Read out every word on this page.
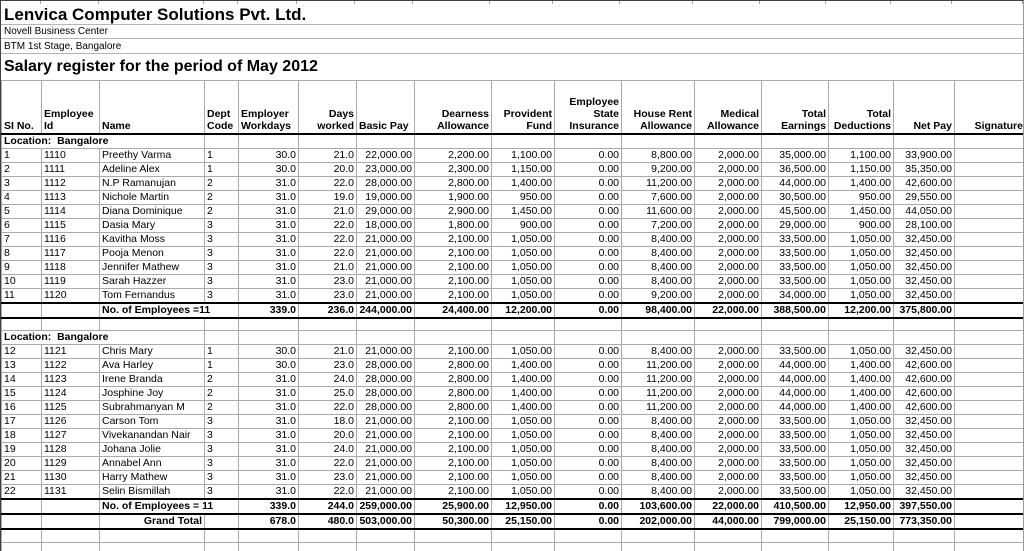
Lenvica Computer Solutions Pvt. Ltd.
Novell Business Center
BTM 1st Stage, Bangalore
Salary register for the period of May 2012
SI No.	Employee Id	Name	Dept Code	Employer Workdays	Days worked	Basic Pay	Dearness Allowance	Provident Fund	Employee State Insurance	House Rent Allowance	Medical Allowance	Total Earnings	Total Deductions	Net Pay	Signature
Location:  Bangalore															
1	1110	Preethy Varma	1	30.0	21.0	22,000.00	2,200.00	1,100.00	0.00	8,800.00	2,000.00	35,000.00	1,100.00	33,900.00	
2	1111	Adeline Alex	1	30.0	20.0	23,000.00	2,300.00	1,150.00	0.00	9,200.00	2,000.00	36,500.00	1,150.00	35,350.00	
3	1112	N.P Ramanujan	2	31.0	22.0	28,000.00	2,800.00	1,400.00	0.00	11,200.00	2,000.00	44,000.00	1,400.00	42,600.00	
4	1113	Nichole Martin	2	31.0	19.0	19,000.00	1,900.00	950.00	0.00	7,600.00	2,000.00	30,500.00	950.00	29,550.00	
5	1114	Diana Dominique	2	31.0	21.0	29,000.00	2,900.00	1,450.00	0.00	11,600.00	2,000.00	45,500.00	1,450.00	44,050.00	
6	1115	Dasia Mary	3	31.0	22.0	18,000.00	1,800.00	900.00	0.00	7,200.00	2,000.00	29,000.00	900.00	28,100.00	
7	1116	Kavitha Moss	3	31.0	22.0	21,000.00	2,100.00	1,050.00	0.00	8,400.00	2,000.00	33,500.00	1,050.00	32,450.00	
8	1117	Pooja Menon	3	31.0	22.0	21,000.00	2,100.00	1,050.00	0.00	8,400.00	2,000.00	33,500.00	1,050.00	32,450.00	
9	1118	Jennifer Mathew	3	31.0	21.0	21,000.00	2,100.00	1,050.00	0.00	8,400.00	2,000.00	33,500.00	1,050.00	32,450.00	
10	1119	Sarah Hazzer	3	31.0	23.0	21,000.00	2,100.00	1,050.00	0.00	8,400.00	2,000.00	33,500.00	1,050.00	32,450.00	
11	1120	Tom Fernandus	3	31.0	23.0	21,000.00	2,100.00	1,050.00	0.00	9,200.00	2,000.00	34,000.00	1,050.00	32,450.00	
		No. of Employees =11		339.0	236.0	244,000.00	24,400.00	12,200.00	0.00	98,400.00	22,000.00	388,500.00	12,200.00	375,800.00	

Location:  Bangalore															
12	1121	Chris Mary	1	30.0	21.0	21,000.00	2,100.00	1,050.00	0.00	8,400.00	2,000.00	33,500.00	1,050.00	32,450.00	
13	1122	Ava Harley	1	30.0	23.0	28,000.00	2,800.00	1,400.00	0.00	11,200.00	2,000.00	44,000.00	1,400.00	42,600.00	
14	1123	Irene Branda	2	31.0	24.0	28,000.00	2,800.00	1,400.00	0.00	11,200.00	2,000.00	44,000.00	1,400.00	42,600.00	
15	1124	Josphine Joy	2	31.0	25.0	28,000.00	2,800.00	1,400.00	0.00	11,200.00	2,000.00	44,000.00	1,400.00	42,600.00	
16	1125	Subrahmanyan M	2	31.0	22.0	28,000.00	2,800.00	1,400.00	0.00	11,200.00	2,000.00	44,000.00	1,400.00	42,600.00	
17	1126	Carson Tom	3	31.0	18.0	21,000.00	2,100.00	1,050.00	0.00	8,400.00	2,000.00	33,500.00	1,050.00	32,450.00	
18	1127	Vivekanandan Nair	3	31.0	20.0	21,000.00	2,100.00	1,050.00	0.00	8,400.00	2,000.00	33,500.00	1,050.00	32,450.00	
19	1128	Johana Jolie	3	31.0	24.0	21,000.00	2,100.00	1,050.00	0.00	8,400.00	2,000.00	33,500.00	1,050.00	32,450.00	
20	1129	Annabel Ann	3	31.0	22.0	21,000.00	2,100.00	1,050.00	0.00	8,400.00	2,000.00	33,500.00	1,050.00	32,450.00	
21	1130	Harry Mathew	3	31.0	23.0	21,000.00	2,100.00	1,050.00	0.00	8,400.00	2,000.00	33,500.00	1,050.00	32,450.00	
22	1131	Selin Bismillah	3	31.0	22.0	21,000.00	2,100.00	1,050.00	0.00	8,400.00	2,000.00	33,500.00	1,050.00	32,450.00	
		No. of Employees = 11		339.0	244.0	259,000.00	25,900.00	12,950.00	0.00	103,600.00	22,000.00	410,500.00	12,950.00	397,550.00	
		Grand Total		678.0	480.0	503,000.00	50,300.00	25,150.00	0.00	202,000.00	44,000.00	799,000.00	25,150.00	773,350.00	
